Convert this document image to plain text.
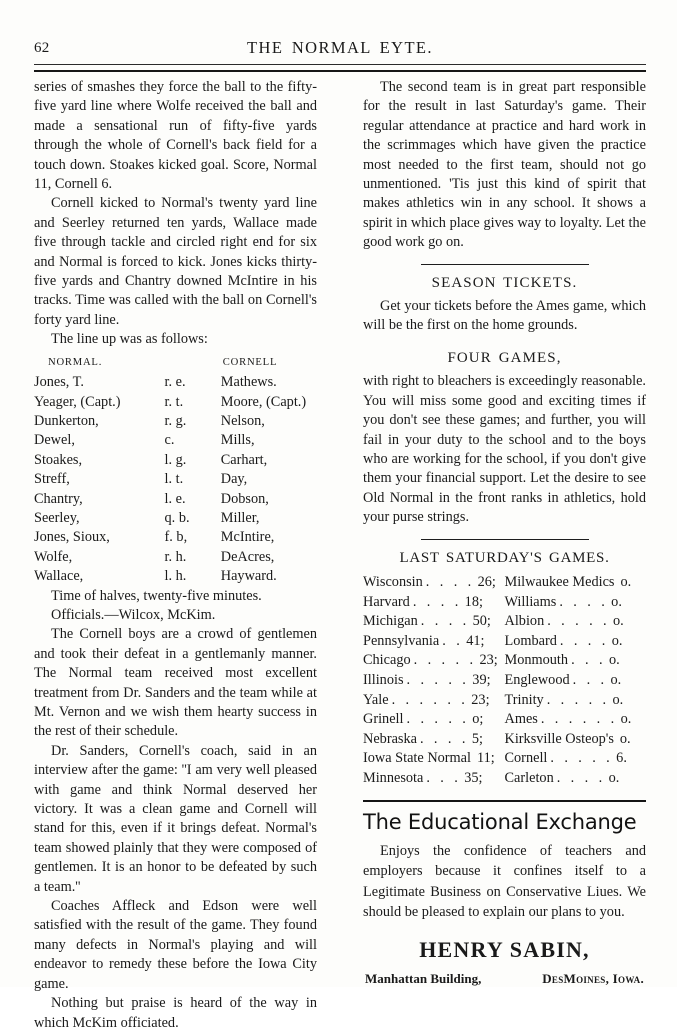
62	THE NORMAL EYTE.

series of smashes they force the ball to the fifty-five yard line where Wolfe received the ball and made a sensational run of fifty-five yards through the whole of Cornell's back field for a touch down. Stoakes kicked goal. Score, Normal 11, Cornell 6.

Cornell kicked to Normal's twenty yard line and Seerley returned ten yards, Wallace made five through tackle and circled right end for six and Normal is forced to kick. Jones kicks thirty-five yards and Chantry downed McIntire in his tracks. Time was called with the ball on Cornell's forty yard line.

The line up was as follows:

NORMAL.		CORNELL
Jones, T.	r. e.	Mathews.
Yeager, (Capt.)	r. t.	Moore, (Capt.)
Dunkerton,	r. g.	Nelson,
Dewel,	c.	Mills,
Stoakes,	l. g.	Carhart,
Streff,	l. t.	Day,
Chantry,	l. e.	Dobson,
Seerley,	q. b.	Miller,
Jones, Sioux,	f. b,	McIntire,
Wolfe,	r. h.	DeAcres,
Wallace,	l. h.	Hayward.

Time of halves, twenty-five minutes.

Officials.—Wilcox, McKim.

The Cornell boys are a crowd of gentlemen and took their defeat in a gentlemanly manner. The Normal team received most excellent treatment from Dr. Sanders and the team while at Mt. Vernon and we wish them hearty success in the rest of their schedule.

Dr. Sanders, Cornell's coach, said in an interview after the game: ''I am very well pleased with game and think Normal deserved her victory. It was a clean game and Cornell will stand for this, even if it brings defeat. Normal's team showed plainly that they were composed of gentlemen. It is an honor to be defeated by such a team.''

Coaches Affleck and Edson were well satisfied with the result of the game. They found many defects in Normal's playing and will endeavor to remedy these before the Iowa City game.

Nothing but praise is heard of the way in which McKim officiated.

The second team is in great part responsible for the result in last Saturday's game. Their regular attendance at practice and hard work in the scrimmages which have given the practice most needed to the first team, should not go unmentioned. 'Tis just this kind of spirit that makes athletics win in any school. It shows a spirit in which place gives way to loyalty. Let the good work go on.

SEASON TICKETS.

Get your tickets before the Ames game, which will be the first on the home grounds.

FOUR GAMES,

with right to bleachers is exceedingly reasonable. You will miss some good and exciting times if you don't see these games; and further, you will fail in your duty to the school and to the boys who are working for the school, if you don't give them your financial support. Let the desire to see Old Normal in the front ranks in athletics, hold your purse strings.

LAST SATURDAY'S GAMES.
Wisconsin . . . . 26;	Milwaukee Medics o.
Harvard . . . . 18;	Williams . . . . o.
Michigan . . . . 50;	Albion . . . . . o.
Pennsylvania . . 41;	Lombard . . . . o.
Chicago . . . . . 23;	Monmouth . . . o.
Illinois . . . . . 39;	Englewood . . . o.
Yale . . . . . . 23;	Trinity . . . . . o.
Grinell . . . . . o;	Ames . . . . . . o.
Nebraska . . . . 5;	Kirksville Osteop's o.
Iowa State Normal 11;	Cornell . . . . . 6.
Minnesota . . . 35;	Carleton . . . . o.
The Educational Exchange

Enjoys the confidence of teachers and employers because it confines itself to a Legitimate Business on Conservative Liues. We should be pleased to explain our plans to you.

HENRY SABIN,
Manhattan Building,	DesMoines, Iowa.
